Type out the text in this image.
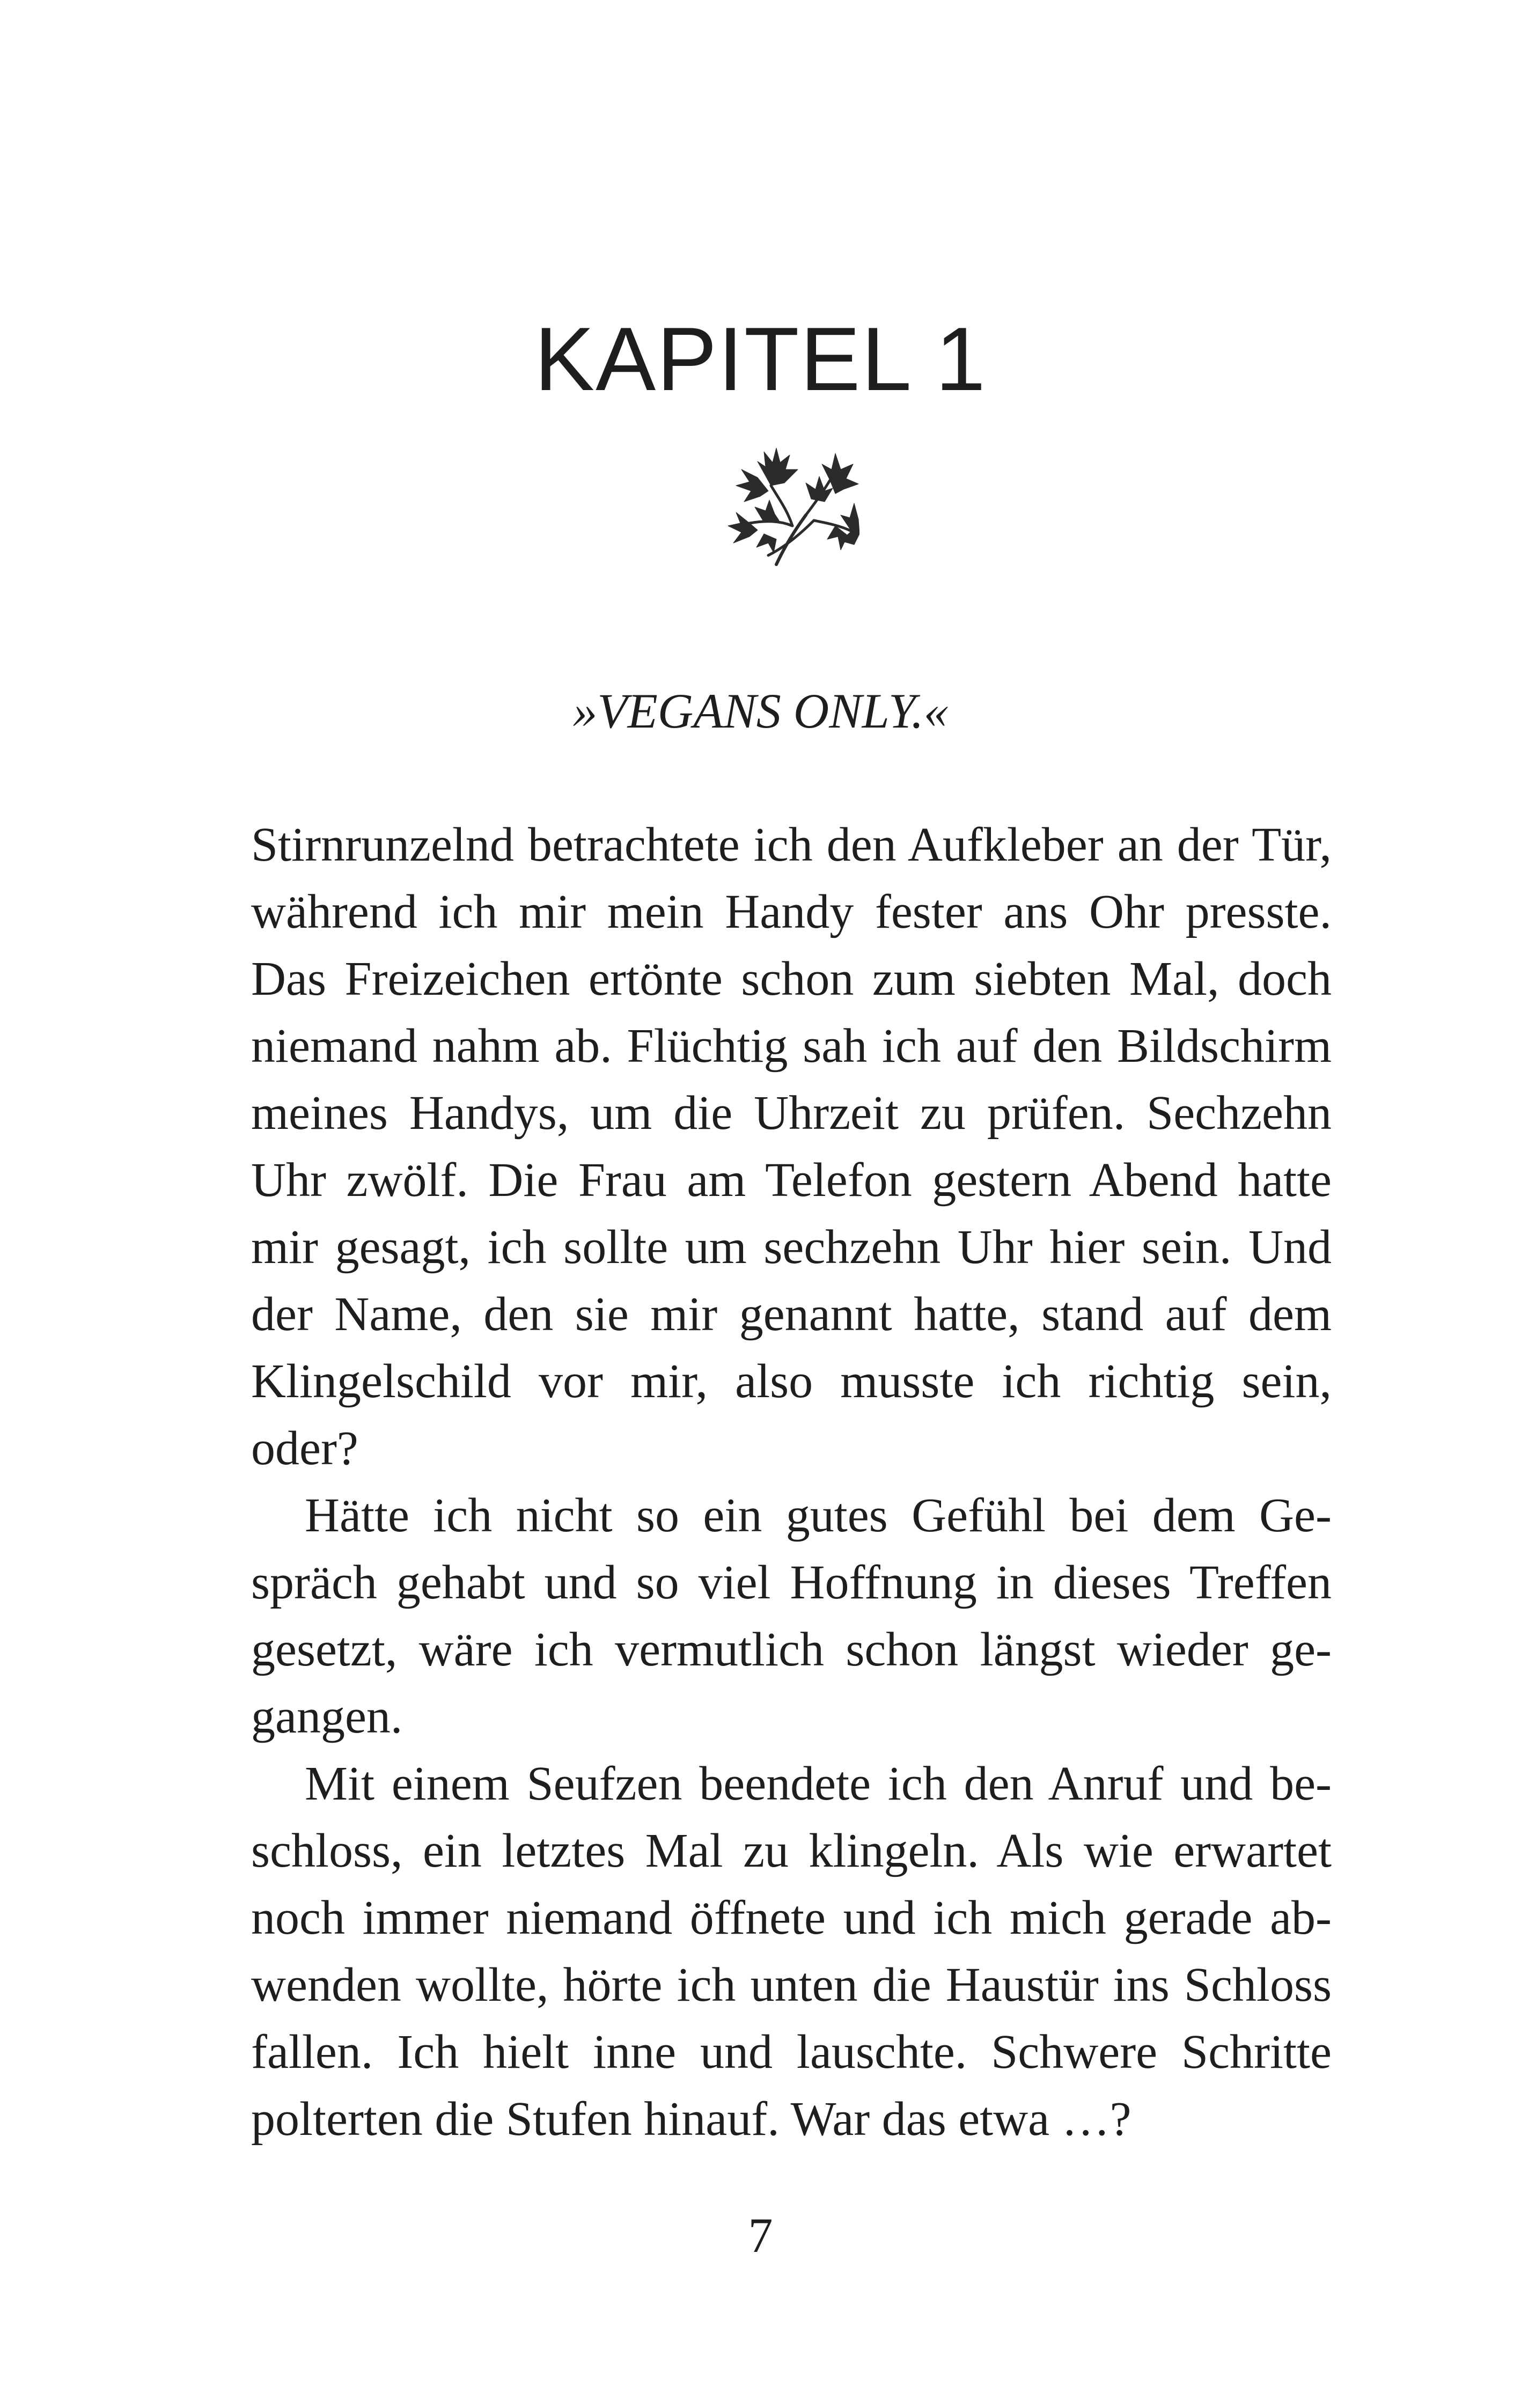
KAPITEL 1

»VEGANS ONLY.«

Stirnrunzelnd betrachtete ich den Aufkleber an der Tür, während ich mir mein Handy fester ans Ohr presste. Das Freizeichen ertönte schon zum siebten Mal, doch niemand nahm ab. Flüchtig sah ich auf den Bildschirm meines Handys, um die Uhrzeit zu prüfen. Sechzehn Uhr zwölf. Die Frau am Telefon gestern Abend hatte mir gesagt, ich sollte um sechzehn Uhr hier sein. Und der Name, den sie mir genannt hatte, stand auf dem Klingelschild vor mir, also musste ich richtig sein, oder?

Hätte ich nicht so ein gutes Gefühl bei dem Gespräch gehabt und so viel Hoffnung in dieses Treffen gesetzt, wäre ich vermutlich schon längst wieder gegangen.

Mit einem Seufzen beendete ich den Anruf und beschloss, ein letztes Mal zu klingeln. Als wie erwartet noch immer niemand öffnete und ich mich gerade abwenden wollte, hörte ich unten die Haustür ins Schloss fallen. Ich hielt inne und lauschte. Schwere Schritte polterten die Stufen hinauf. War das etwa …?

7
